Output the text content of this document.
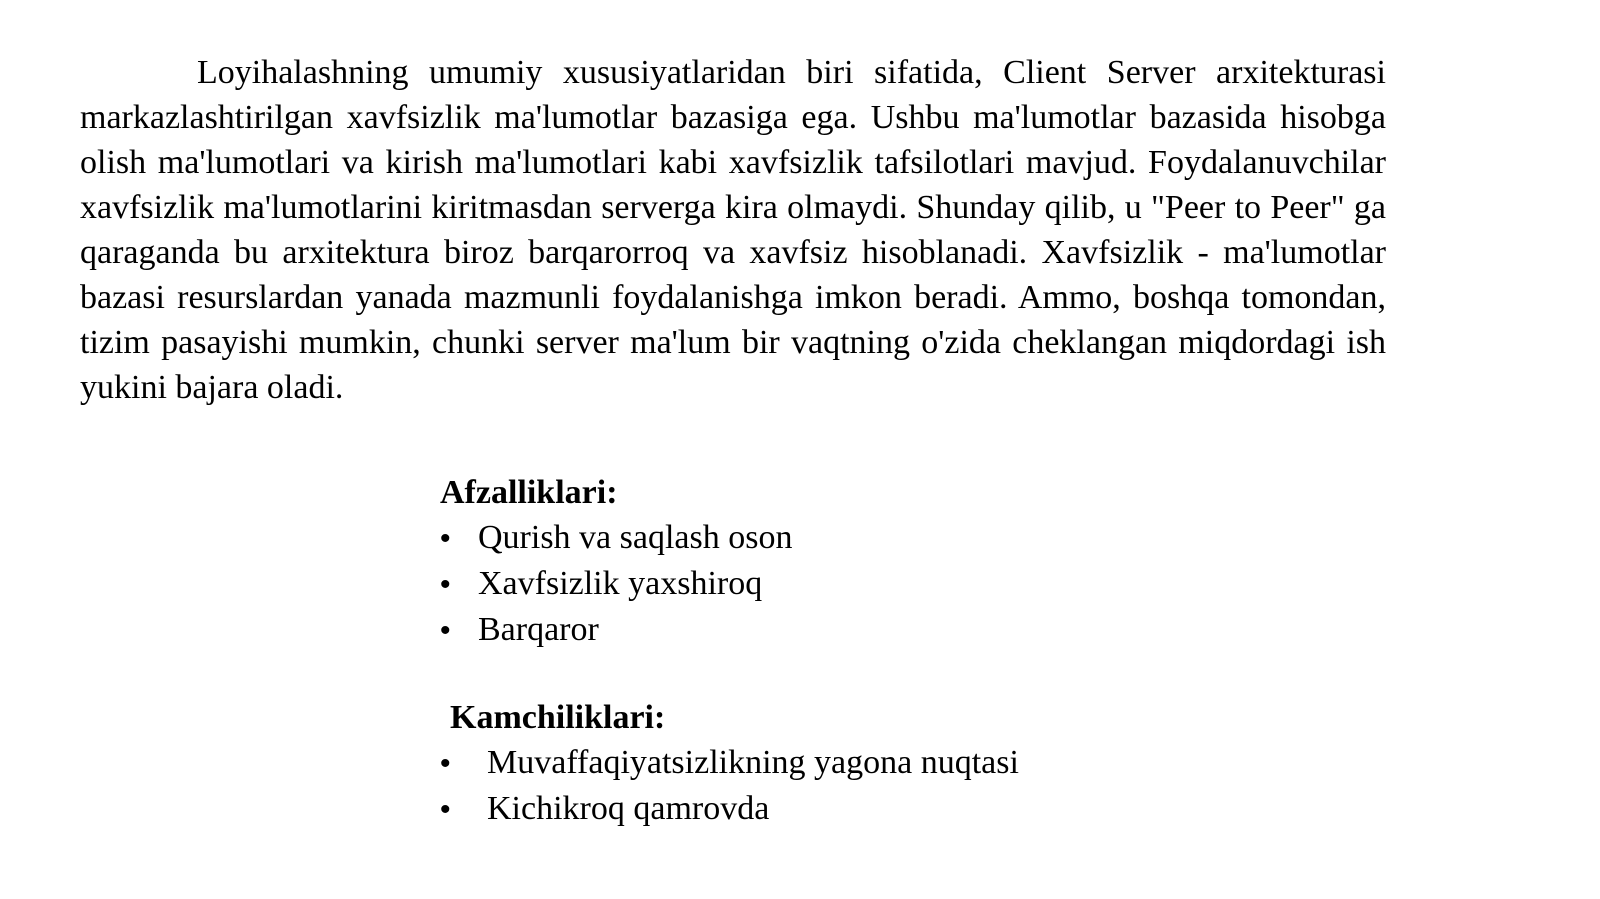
Loyihalashning umumiy xususiyatlaridan biri sifatida, Client Server arxitekturasi markazlashtirilgan xavfsizlik ma'lumotlar bazasiga ega. Ushbu ma'lumotlar bazasida hisobga olish ma'lumotlari va kirish ma'lumotlari kabi xavfsizlik tafsilotlari mavjud. Foydalanuvchilar xavfsizlik ma'lumotlarini kiritmasdan serverga kira olmaydi. Shunday qilib, u "Peer to Peer" ga qaraganda bu arxitektura biroz barqarorroq va xavfsiz hisoblanadi. Xavfsizlik - ma'lumotlar bazasi resurslardan yanada mazmunli foydalanishga imkon beradi. Ammo, boshqa tomondan, tizim pasayishi mumkin, chunki server ma'lum bir vaqtning o'zida cheklangan miqdordagi ish yukini bajara oladi.

Afzalliklari:
• Qurish va saqlash oson
• Xavfsizlik yaxshiroq
• Barqaror
Kamchiliklari:
• Muvaffaqiyatsizlikning yagona nuqtasi
• Kichikroq qamrovda
